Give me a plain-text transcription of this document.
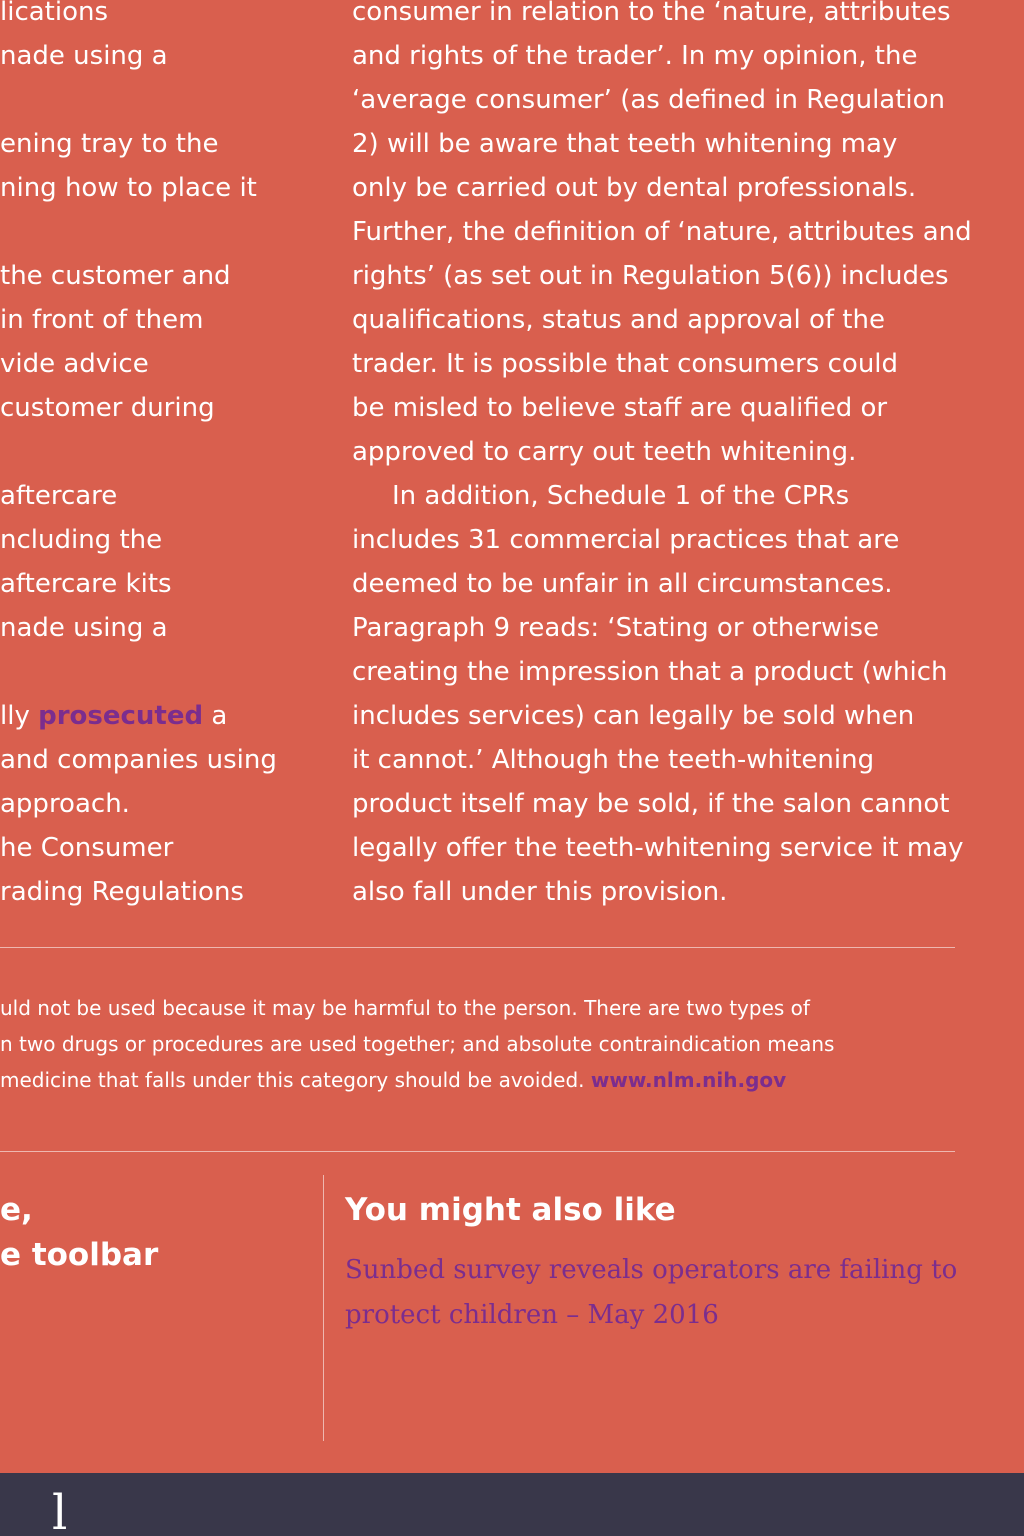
lications
nade using a
ening tray to the
ning how to place it
the customer and
in front of them
vide advice
customer during
aftercare
ncluding the
aftercare kits
nade using a
lly prosecuted a
and companies using
approach.
he Consumer
rading Regulations
consumer in relation to the ‘nature, attributes
and rights of the trader’. In my opinion, the
‘average consumer’ (as defined in Regulation
2) will be aware that teeth whitening may
only be carried out by dental professionals.
Further, the definition of ‘nature, attributes and
rights’ (as set out in Regulation 5(6)) includes
qualifications, status and approval of the
trader. It is possible that consumers could
be misled to believe staff are qualified or
approved to carry out teeth whitening.
In addition, Schedule 1 of the CPRs
includes 31 commercial practices that are
deemed to be unfair in all circumstances.
Paragraph 9 reads: ‘Stating or otherwise
creating the impression that a product (which
includes services) can legally be sold when
it cannot.’ Although the teeth-whitening
product itself may be sold, if the salon cannot
legally offer the teeth-whitening service it may
also fall under this provision.
uld not be used because it may be harmful to the person. There are two types of
n two drugs or procedures are used together; and absolute contraindication means
medicine that falls under this category should be avoided. www.nlm.nih.gov
e,
e toolbar
You might also like
Sunbed survey reveals operators are failing to protect children – May 2016
l
